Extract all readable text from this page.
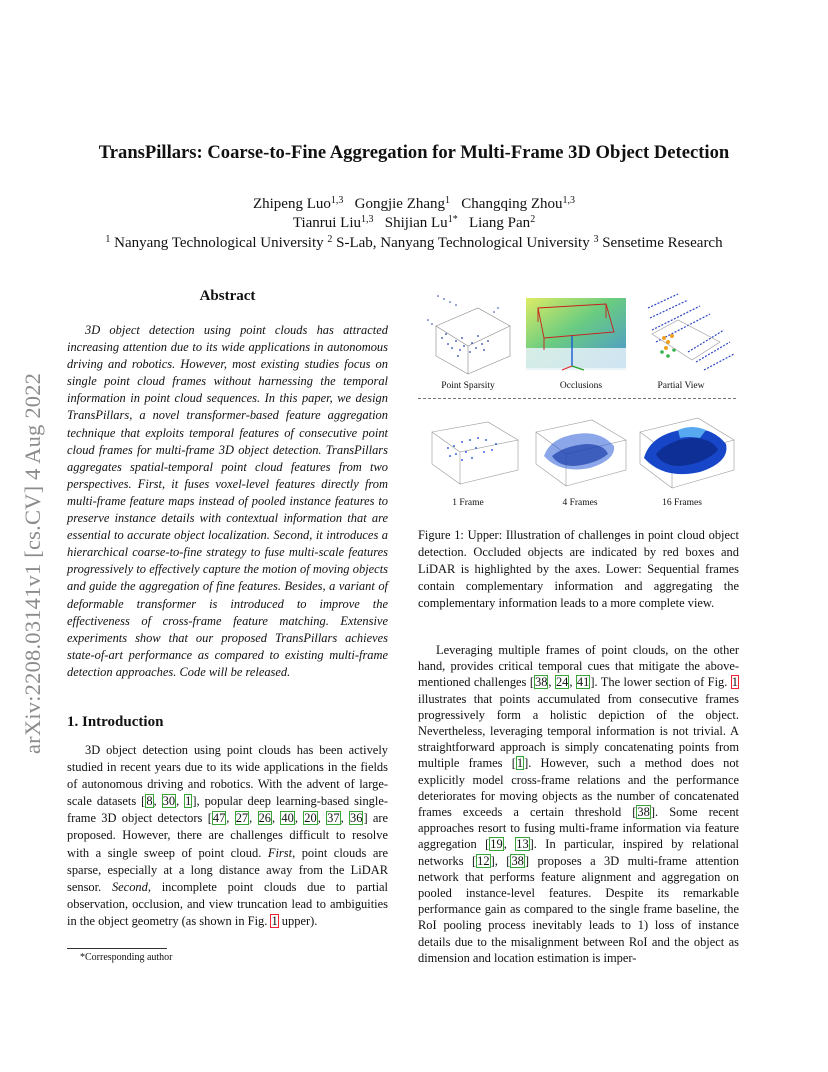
arXiv:2208.03141v1 [cs.CV] 4 Aug 2022
TransPillars: Coarse-to-Fine Aggregation for Multi-Frame 3D Object Detection
Zhipeng Luo$^{1,3}$ Gongjie Zhang$^1$ Changqing Zhou$^{1,3}$
Tianrui Liu$^{1,3}$ Shijian $Lu^{1*}$ Liang Pan$^2$
$^1$ Nanyang Technological University $^2$ S-Lab, Nanyang Technological University $^3$ Sensetime Research
Abstract
3D object detection using point clouds has attracted increasing attention due to its wide applications in autonomous driving and robotics. However, most existing studies focus on single point cloud frames without harnessing the temporal information in point cloud sequences. In this paper, we design TransPillars, a novel transformer-based feature aggregation technique that exploits temporal features of consecutive point cloud frames for multi-frame 3D object detection. TransPillars aggregates spatial-temporal point cloud features from two perspectives. First, it fuses voxel-level features directly from multi-frame feature maps instead of pooled instance features to preserve instance details with contextual information that are essential to accurate object localization. Second, it introduces a hierarchical coarse-to-fine strategy to fuse multi-scale features progressively to effectively capture the motion of moving objects and guide the aggregation of fine features. Besides, a variant of deformable transformer is introduced to improve the effectiveness of cross-frame feature matching. Extensive experiments show that our proposed TransPillars achieves state-of-art performance as compared to existing multi-frame detection approaches. Code will be released.
1. Introduction
3D object detection using point clouds has been actively studied in recent years due to its wide applications in the fields of autonomous driving and robotics. With the advent of large-scale datasets [8, 30, 1], popular deep learning-based single-frame 3D object detectors [47, 27, 26, 40, 20, 37, 36] are proposed. However, there are challenges difficult to resolve with a single sweep of point cloud. First, point clouds are sparse, especially at a long distance away from the LiDAR sensor. Second, incomplete point clouds due to partial observation, occlusion, and view truncation lead to ambiguities in the object geometry (as shown in Fig. 1 upper).
*Corresponding author
Point Sparsity	Occlusions	Partial View
1 Frame	4 Frames	16 Frames
Figure 1: Upper: Illustration of challenges in point cloud object detection. Occluded objects are indicated by red boxes and LiDAR is highlighted by the axes. Lower: Sequential frames contain complementary information and aggregating the complementary information leads to a more complete view.
Leveraging multiple frames of point clouds, on the other hand, provides critical temporal cues that mitigate the above-mentioned challenges [38, 24, 41]. The lower section of Fig. 1 illustrates that points accumulated from consecutive frames progressively form a holistic depiction of the object. Nevertheless, leveraging temporal information is not trivial. A straightforward approach is simply concatenating points from multiple frames [1]. However, such a method does not explicitly model cross-frame relations and the performance deteriorates for moving objects as the number of concatenated frames exceeds a certain threshold [38]. Some recent approaches resort to fusing multi-frame information via feature aggregation [19, 13]. In particular, inspired by relational networks [12], [38] proposes a 3D multi-frame attention network that performs feature alignment and aggregation on pooled instance-level features. Despite its remarkable performance gain as compared to the single frame baseline, the RoI pooling process inevitably leads to 1) loss of instance details due to the misalignment between RoI and the object as dimension and location estimation is imper-
